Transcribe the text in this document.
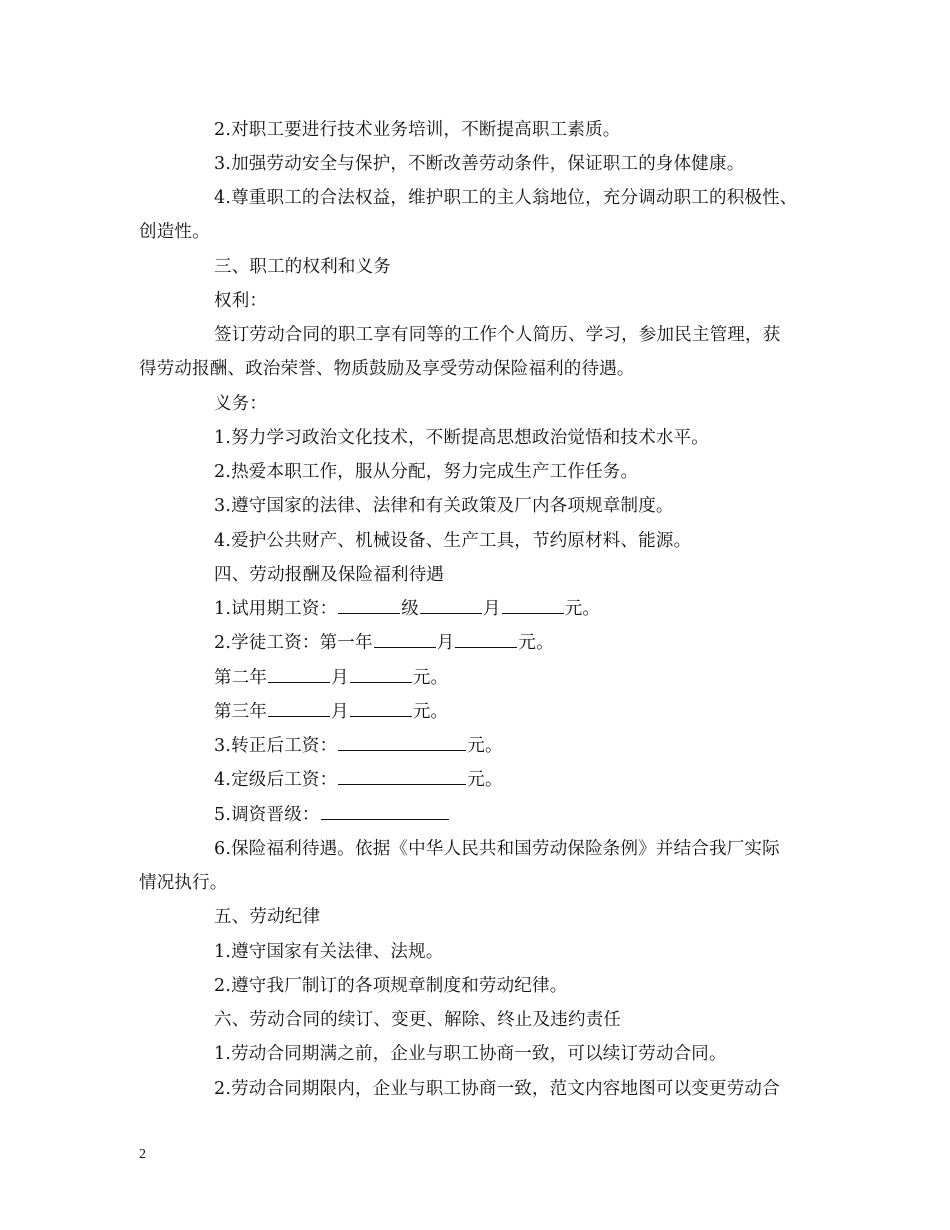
2.对职工要进行技术业务培训，不断提高职工素质。
3.加强劳动安全与保护，不断改善劳动条件，保证职工的身体健康。
4.尊重职工的合法权益，维护职工的主人翁地位，充分调动职工的积极性、
创造性。
三、职工的权利和义务
权利：
签订劳动合同的职工享有同等的工作个人简历、学习，参加民主管理，获
得劳动报酬、政治荣誉、物质鼓励及享受劳动保险福利的待遇。
义务：
1.努力学习政治文化技术，不断提高思想政治觉悟和技术水平。
2.热爱本职工作，服从分配，努力完成生产工作任务。
3.遵守国家的法律、法律和有关政策及厂内各项规章制度。
4.爱护公共财产、机械设备、生产工具，节约原材料、能源。
四、劳动报酬及保险福利待遇
1.试用期工资：	级	月	元。
2.学徒工资：第一年	月	元。
第二年	月	元。
第三年	月	元。
3.转正后工资：	元。
4.定级后工资：	元。
5.调资晋级：
6.保险福利待遇。依据《中华人民共和国劳动保险条例》并结合我厂实际
情况执行。
五、劳动纪律
1.遵守国家有关法律、法规。
2.遵守我厂制订的各项规章制度和劳动纪律。
六、劳动合同的续订、变更、解除、终止及违约责任
1.劳动合同期满之前，企业与职工协商一致，可以续订劳动合同。
2.劳动合同期限内，企业与职工协商一致，范文内容地图可以变更劳动合
2
